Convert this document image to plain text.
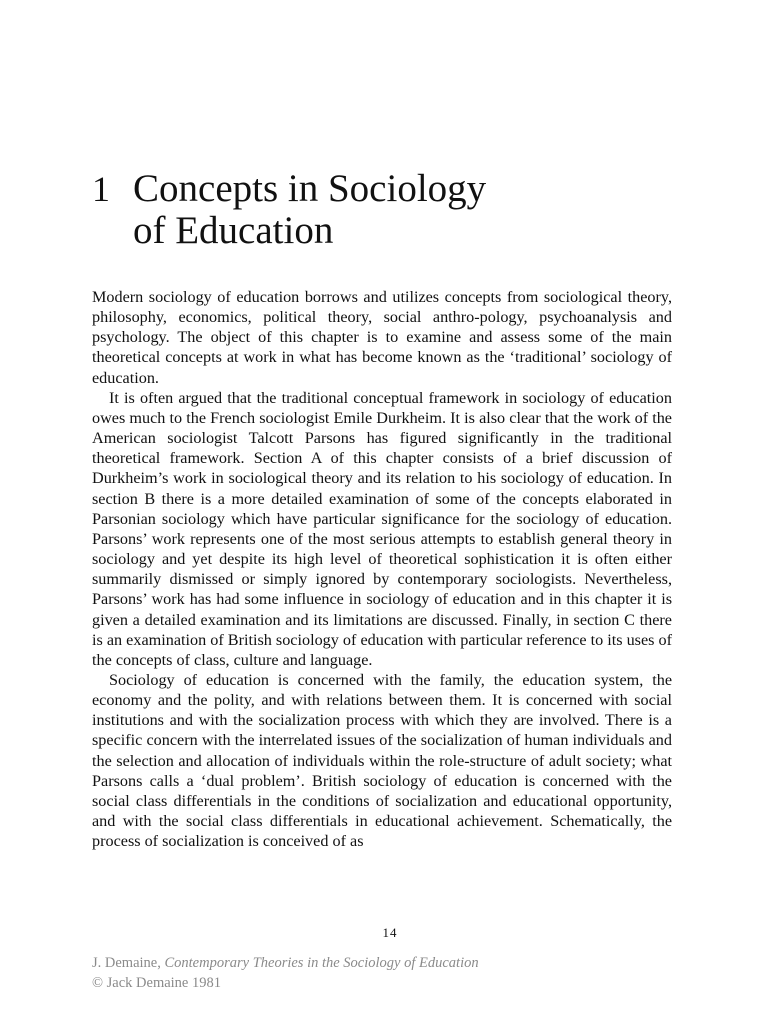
1 Concepts in Sociology
of Education

Modern sociology of education borrows and utilizes concepts from sociological theory, philosophy, economics, political theory, social anthro-pology, psychoanalysis and psychology. The object of this chapter is to examine and assess some of the main theoretical concepts at work in what has become known as the ‘traditional’ sociology of education.

It is often argued that the traditional conceptual framework in sociology of education owes much to the French sociologist Emile Durkheim. It is also clear that the work of the American sociologist Talcott Parsons has figured significantly in the traditional theoretical framework. Section A of this chapter consists of a brief discussion of Durkheim’s work in sociological theory and its relation to his sociology of education. In section B there is a more detailed examination of some of the concepts elaborated in Parsonian sociology which have particular significance for the sociology of education. Parsons’ work represents one of the most serious attempts to establish general theory in sociology and yet despite its high level of theoretical sophistication it is often either summarily dismissed or simply ignored by contemporary sociologists. Nevertheless, Parsons’ work has had some influence in sociology of education and in this chapter it is given a detailed examination and its limitations are discussed. Finally, in section C there is an examination of British sociology of education with particular reference to its uses of the concepts of class, culture and language.

Sociology of education is concerned with the family, the education system, the economy and the polity, and with relations between them. It is concerned with social institutions and with the socialization process with which they are involved. There is a specific concern with the interrelated issues of the socialization of human individuals and the selection and allocation of individuals within the role-structure of adult society; what Parsons calls a ‘dual problem’. British sociology of education is concerned with the social class differentials in the conditions of socialization and educational opportunity, and with the social class differentials in educational achievement. Schematically, the process of socialization is conceived of as

14
J. Demaine, Contemporary Theories in the Sociology of Education
© Jack Demaine 1981
